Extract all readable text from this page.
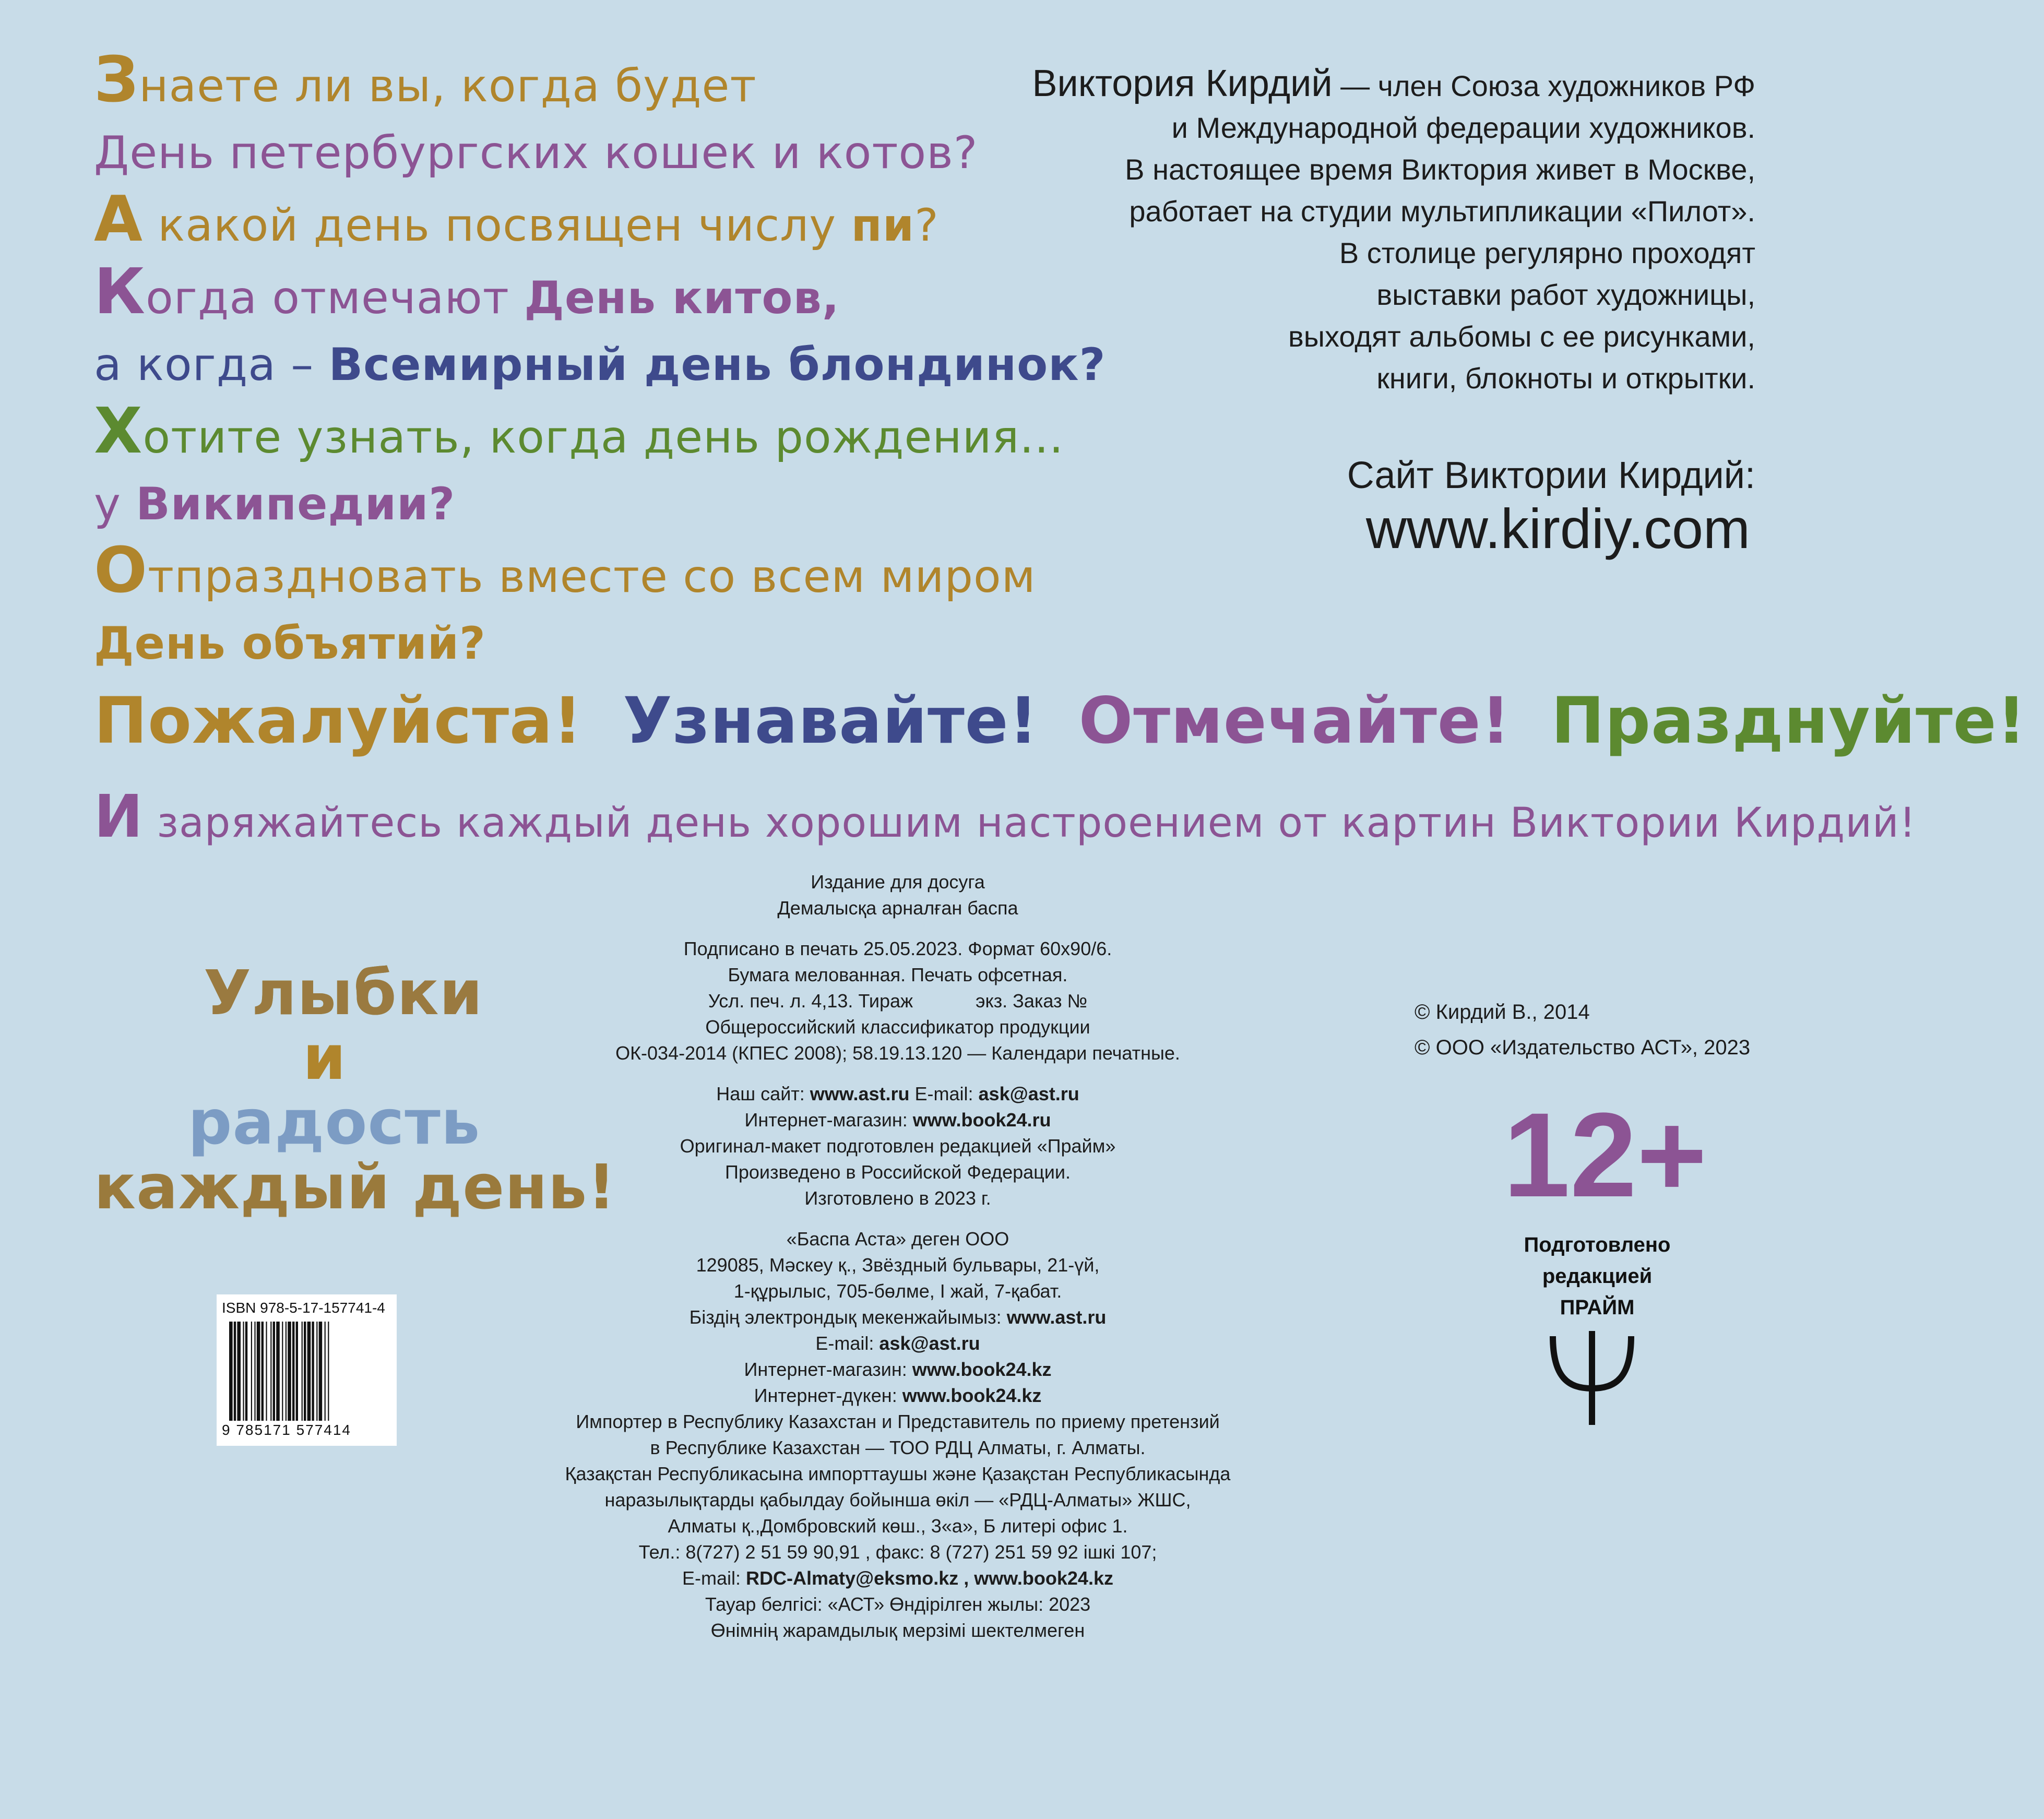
Знаете ли вы, когда будет
День петербургских кошек и котов?
А какой день посвящен числу пи?
Когда отмечают День китов,
а когда – Всемирный день блондинок?
Хотите узнать, когда день рождения...
у Википедии?
Отпраздновать вместе со всем миром
День объятий?
Виктория Кирдий — член Союза художников РФ
и Международной федерации художников.
В настоящее время Виктория живет в Москве,
работает на студии мультипликации «Пилот».
В столице регулярно проходят
выставки работ художницы,
выходят альбомы с ее рисунками,
книги, блокноты и открытки.
Сайт Виктории Кирдий:
www.kirdiy.com
Пожалуйста! Узнавайте! Отмечайте! Празднуйте!
И заряжайтесь каждый день хорошим настроением от картин Виктории Кирдий!
Улыбки
и
радость
каждый день!
ISBN 978-5-17-157741-4
9 785171 577414
Издание для досуга
Демалысқа арналған баспа
Подписано в печать 25.05.2023. Формат 60x90/6.
Бумага мелованная. Печать офсетная.
Усл. печ. л. 4,13. Тираж            экз. Заказ №
Общероссийский классификатор продукции
ОК-034-2014 (КПЕС 2008); 58.19.13.120 — Календари печатные.
Наш сайт: www.ast.ru E-mail: ask@ast.ru
Интернет-магазин: www.book24.ru
Оригинал-макет подготовлен редакцией «Прайм»
Произведено в Российской Федерации.
Изготовлено в 2023 г.
«Баспа Аста» деген ООО
129085, Мәскеу қ., Звёздный бульвары, 21-үй,
1-құрылыс, 705-бөлме, I жай, 7-қабат.
Біздің электрондық мекенжайымыз: www.ast.ru
E-mail: ask@ast.ru
Интернет-магазин: www.book24.kz
Интернет-дүкен: www.book24.kz
Импортер в Республику Казахстан и Представитель по приему претензий
в Республике Казахстан — ТОО РДЦ Алматы, г. Алматы.
Қазақстан Республикасына импорттаушы және Қазақстан Республикасында
наразылықтарды қабылдау бойынша өкіл — «РДЦ-Алматы» ЖШС,
Алматы қ.,Домбровский көш., 3«а», Б литері офис 1.
Тел.: 8(727) 2 51 59 90,91 , факс: 8 (727) 251 59 92 ішкі 107;
E-mail: RDC-Almaty@eksmo.kz , www.book24.kz
Тауар белгісі: «АСТ» Өндірілген жылы: 2023
Өнімнің жарамдылық мерзімі шектелмеген
© Кирдий В., 2014
© ООО «Издательство АСТ», 2023
12+
Подготовлено
редакцией
ПРАЙМ
